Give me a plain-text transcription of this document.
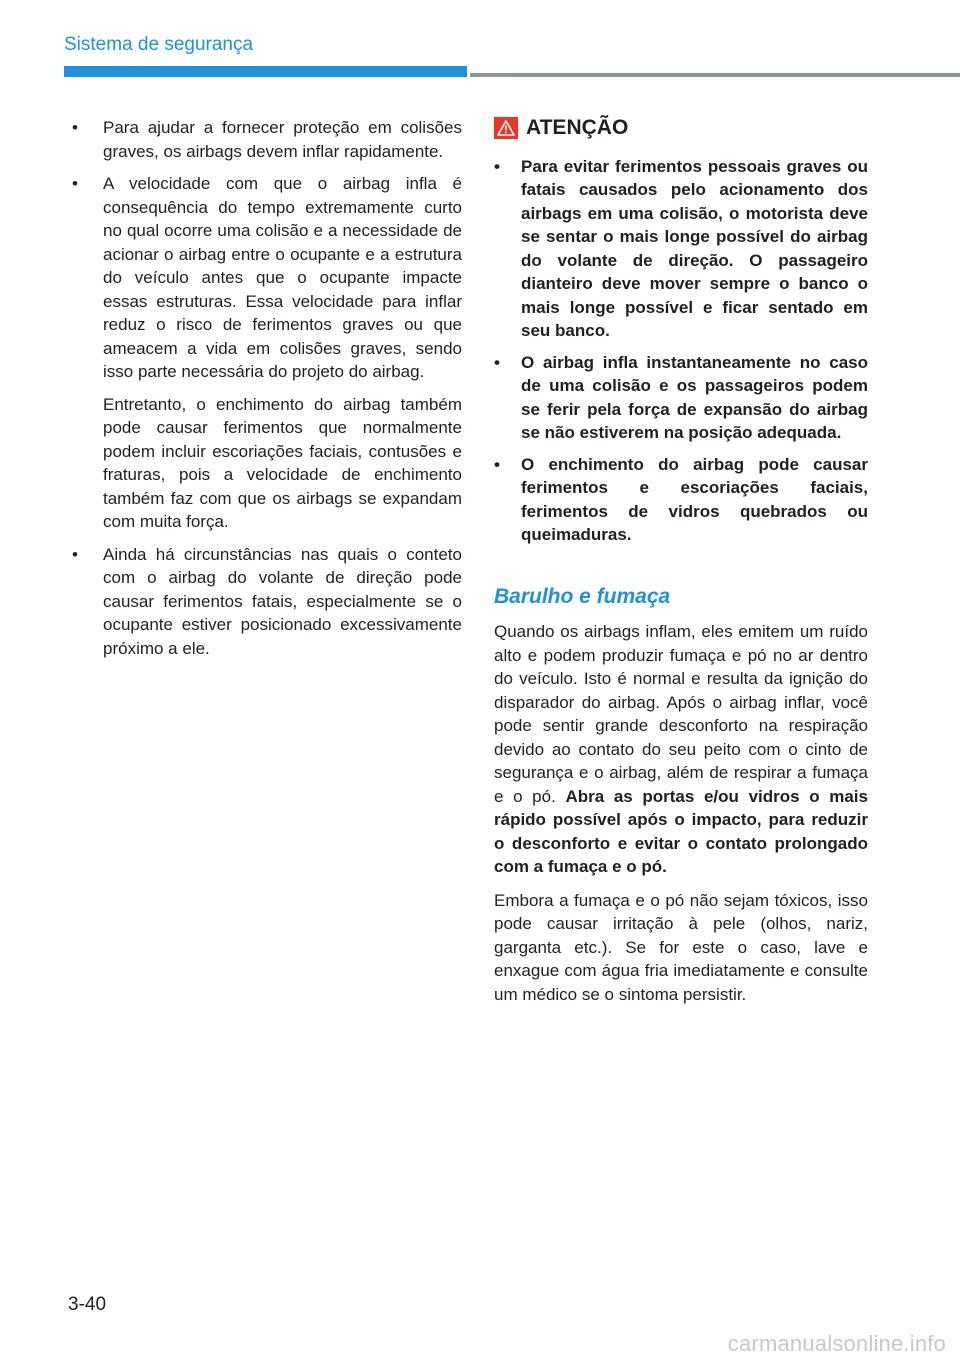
Sistema de segurança
• Para ajudar a fornecer proteção em colisões graves, os airbags devem inflar rapidamente.

• A velocidade com que o airbag infla é consequência do tempo extremamente curto no qual ocorre uma colisão e a necessidade de acionar o airbag entre o ocupante e a estrutura do veículo antes que o ocupante impacte essas estruturas. Essa velocidade para inflar reduz o risco de ferimentos graves ou que ameacem a vida em colisões graves, sendo isso parte necessária do projeto do airbag.

Entretanto, o enchimento do airbag também pode causar ferimentos que normalmente podem incluir escoriações faciais, contusões e fraturas, pois a velocidade de enchimento também faz com que os airbags se expandam com muita força.

• Ainda há circunstâncias nas quais o conteto com o airbag do volante de direção pode causar ferimentos fatais, especialmente se o ocupante estiver posicionado excessivamente próximo a ele.

ATENÇÃO
• Para evitar ferimentos pessoais graves ou fatais causados pelo acionamento dos airbags em uma colisão, o motorista deve se sentar o mais longe possível do airbag do volante de direção. O passageiro dianteiro deve mover sempre o banco o mais longe possível e ficar sentado em seu banco.
• O airbag infla instantaneamente no caso de uma colisão e os passageiros podem se ferir pela força de expansão do airbag se não estiverem na posição adequada.
• O enchimento do airbag pode causar ferimentos e escoriações faciais, ferimentos de vidros quebrados ou queimaduras.
Barulho e fumaça

Quando os airbags inflam, eles emitem um ruído alto e podem produzir fumaça e pó no ar dentro do veículo. Isto é normal e resulta da ignição do disparador do airbag. Após o airbag inflar, você pode sentir grande desconforto na respiração devido ao contato do seu peito com o cinto de segurança e o airbag, além de respirar a fumaça e o pó. Abra as portas e/ou vidros o mais rápido possível após o impacto, para reduzir o desconforto e evitar o contato prolongado com a fumaça e o pó.

Embora a fumaça e o pó não sejam tóxicos, isso pode causar irritação à pele (olhos, nariz, garganta etc.). Se for este o caso, lave e enxague com água fria imediatamente e consulte um médico se o sintoma persistir.

3-40
carmanualsonline.info
